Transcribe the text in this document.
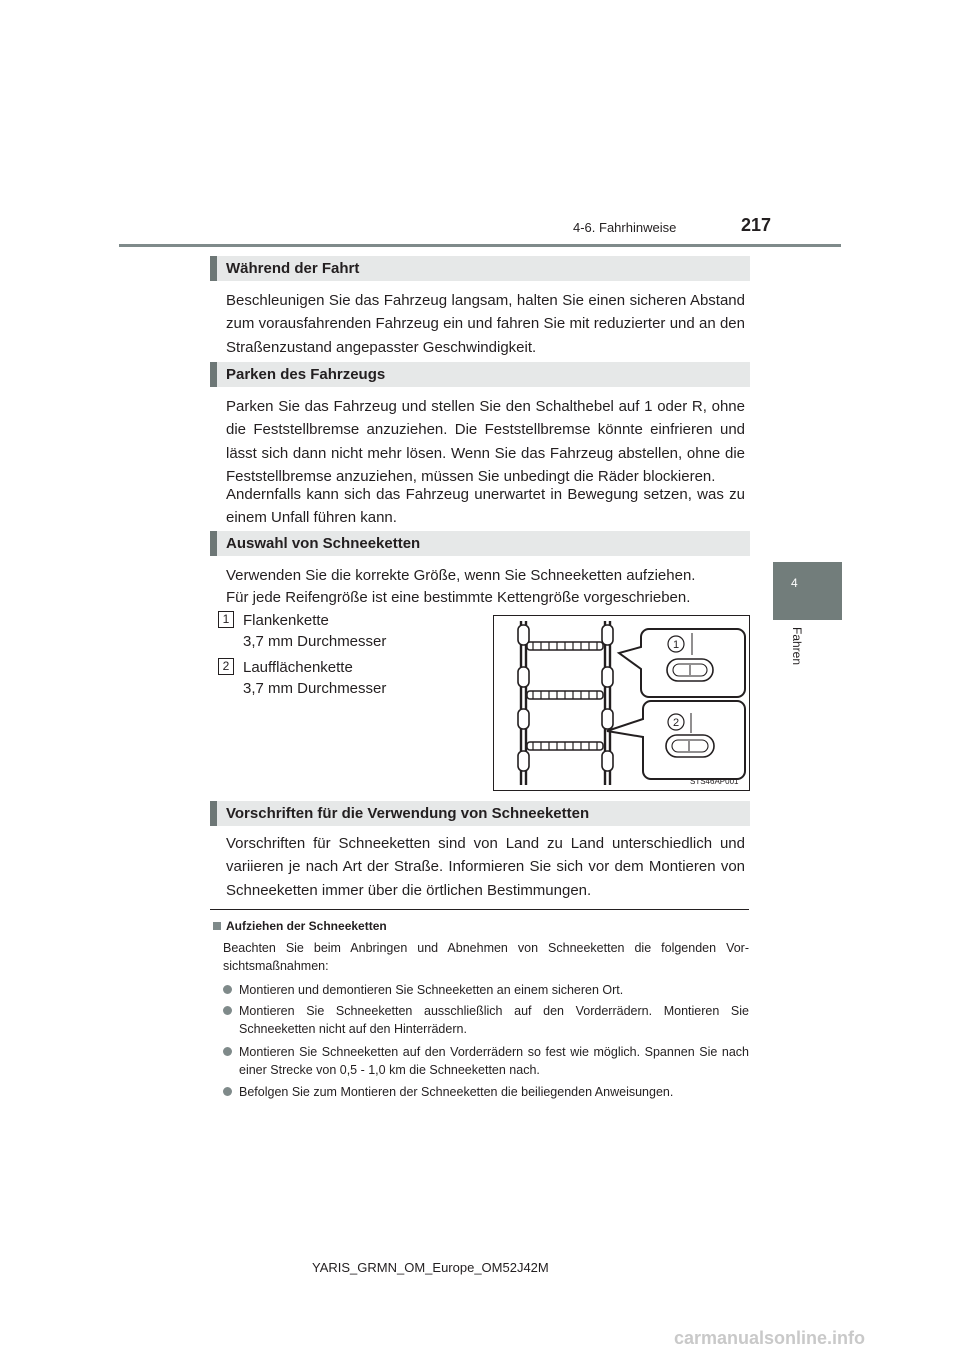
4-6. Fahrhinweise	217
4
Fahren
Während der Fahrt

Beschleunigen Sie das Fahrzeug langsam, halten Sie einen sicheren Abstand zum vorausfahrenden Fahrzeug ein und fahren Sie mit reduzierter und an den Straßenzustand angepasster Geschwindigkeit.

Parken des Fahrzeugs

Parken Sie das Fahrzeug und stellen Sie den Schalthebel auf 1 oder R, ohne die Feststellbremse anzuziehen. Die Feststellbremse könnte einfrieren und lässt sich dann nicht mehr lösen. Wenn Sie das Fahrzeug abstellen, ohne die Feststellbremse anzuziehen, müssen Sie unbedingt die Räder blockieren.

Andernfalls kann sich das Fahrzeug unerwartet in Bewegung setzen, was zu einem Unfall führen kann.

Auswahl von Schneeketten

Verwenden Sie die korrekte Größe, wenn Sie Schneeketten aufziehen.

Für jede Reifengröße ist eine bestimmte Kettengröße vorgeschrieben.

1 Flankenkette
3,7 mm Durchmesser
2 Laufflächenkette
3,7 mm Durchmesser
1
2
STS46AP001
Vorschriften für die Verwendung von Schneeketten

Vorschriften für Schneeketten sind von Land zu Land unterschiedlich und variieren je nach Art der Straße. Informieren Sie sich vor dem Montieren von Schneeketten immer über die örtlichen Bestimmungen.

Aufziehen der Schneeketten

Beachten Sie beim Anbringen und Abnehmen von Schneeketten die folgenden Vor-sichtsmaßnahmen:

Montieren und demontieren Sie Schneeketten an einem sicheren Ort.
Montieren Sie Schneeketten ausschließlich auf den Vorderrädern. Montieren Sie Schneeketten nicht auf den Hinterrädern.
Montieren Sie Schneeketten auf den Vorderrädern so fest wie möglich. Spannen Sie nach einer Strecke von 0,5 - 1,0 km die Schneeketten nach.
Befolgen Sie zum Montieren der Schneeketten die beiliegenden Anweisungen.
YARIS_GRMN_OM_Europe_OM52J42M
carmanualsonline.info
